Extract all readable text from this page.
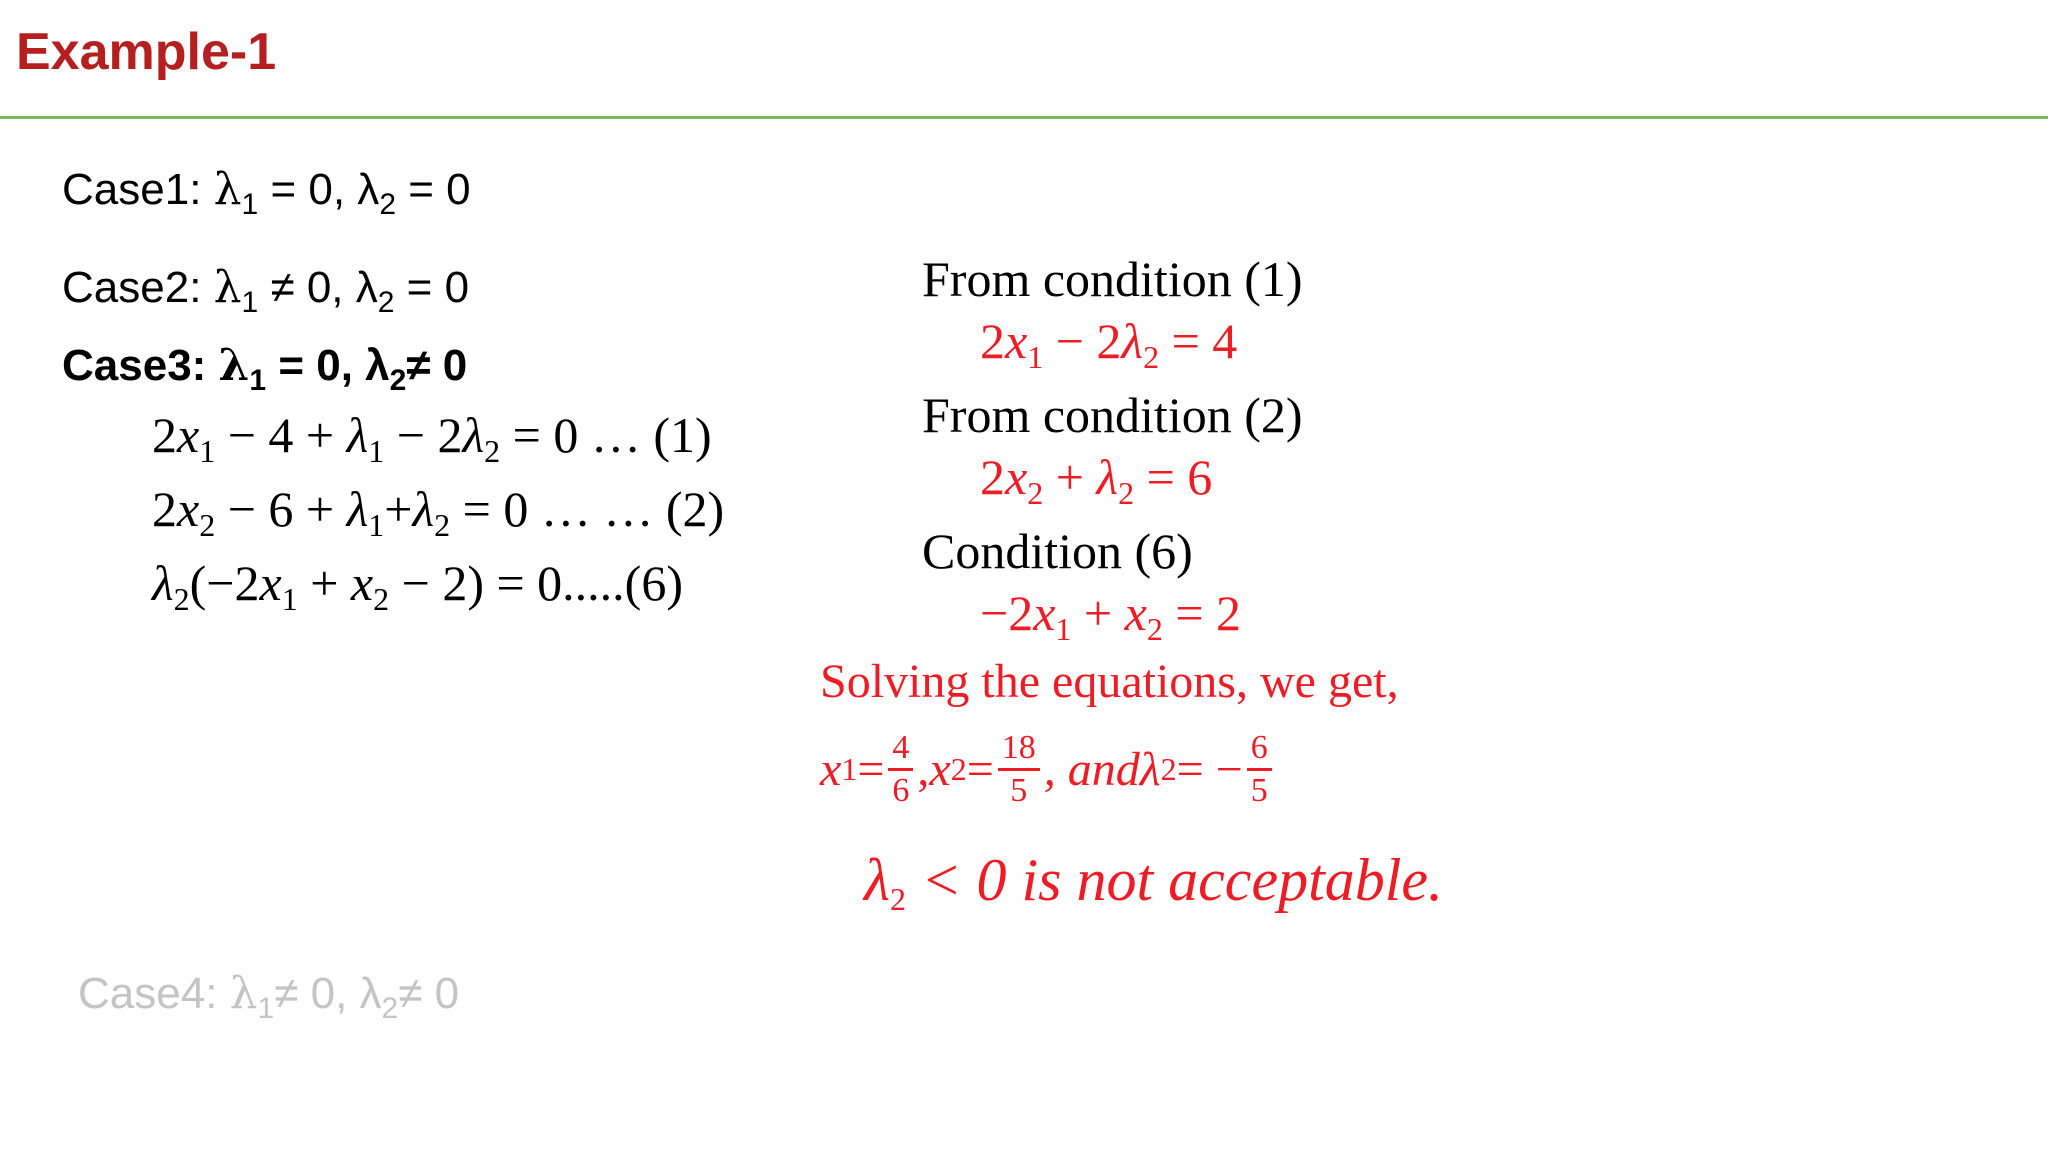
Example-1
Case1: $\lambda_1 = 0$, $\lambda_2 = 0$
Case2: $\lambda_1 \ne 0$, $\lambda_2 = 0$
Case3: $\lambda_1 = 0$, $\lambda_2\ne 0$
$2x_1 - 4 + \lambda_1 - 2\lambda_2 = 0$ … (1)
$2x_2 - 6 + \lambda_1+\lambda_2 = 0$ … … (2)
$\lambda_2(-2x_1 + x_2 - 2) = 0.....(6)$
From condition (1)
$2x_1 - 2\lambda_2 = 4$
From condition (2)
$2x_2 + \lambda_2 = 6$
Condition (6)
$-2x_1 + x_2 = 2$
Solving the equations, we get,
x $1 = \frac{4}{6}$ , x $2 = \frac{18}{5}$ , and λ 2 = − $\frac{6}{5}$
$\lambda_2 < 0$ is not acceptable.
Case4: $\lambda_1\ne 0$, $\lambda_2\ne 0$
